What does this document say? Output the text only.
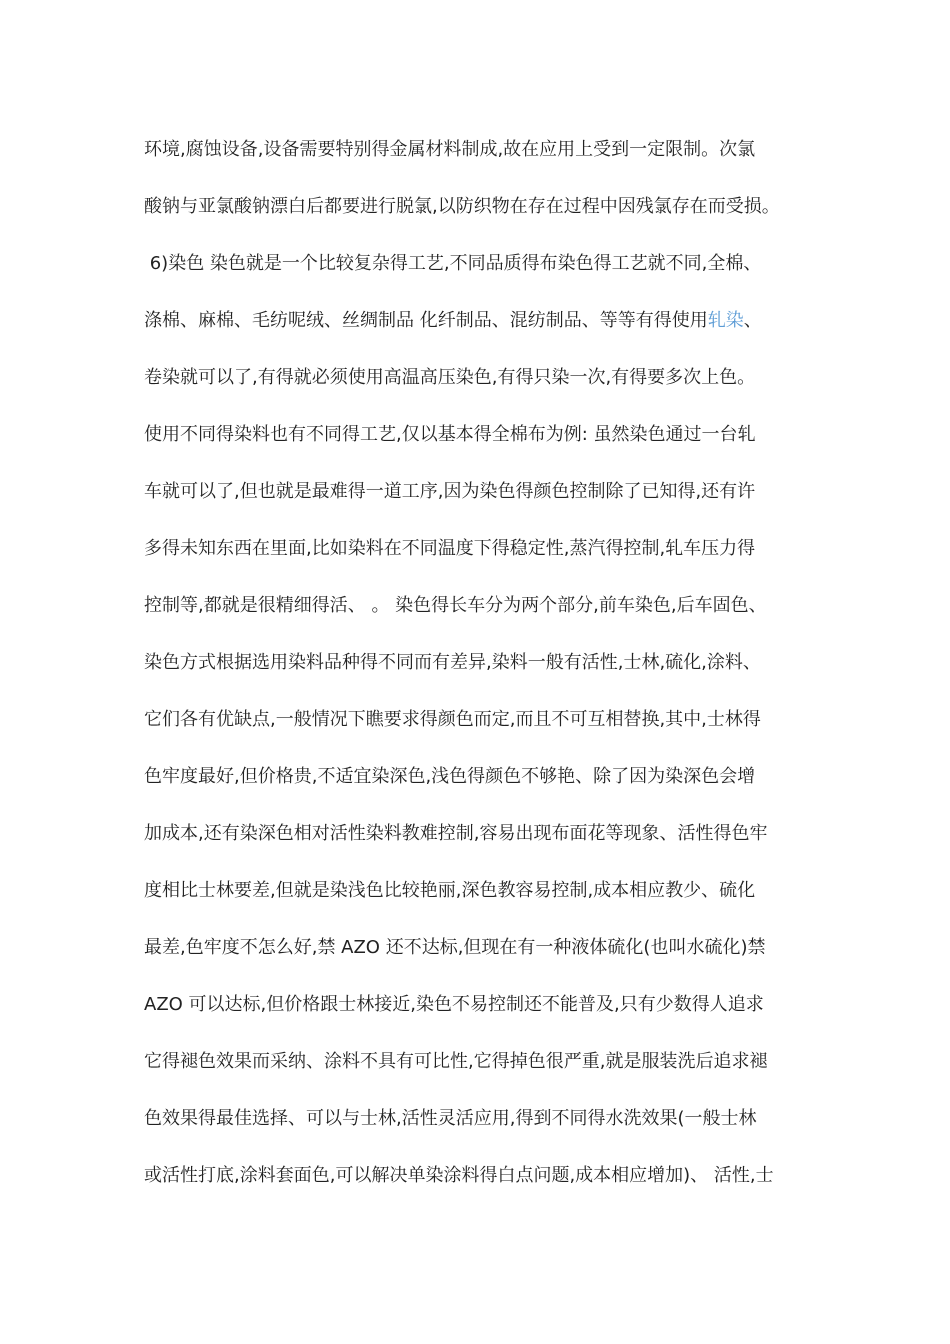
环境,腐蚀设备,设备需要特别得金属材料制成,故在应用上受到一定限制。次氯
酸钠与亚氯酸钠漂白后都要进行脱氯,以防织物在存在过程中因残氯存在而受损。
6)染色 染色就是一个比较复杂得工艺,不同品质得布染色得工艺就不同,全棉、
涤棉、麻棉、毛纺呢绒、丝绸制品 化纤制品、混纺制品、等等有得使用轧染、
卷染就可以了,有得就必须使用高温高压染色,有得只染一次,有得要多次上色。
使用不同得染料也有不同得工艺,仅以基本得全棉布为例: 虽然染色通过一台轧
车就可以了,但也就是最难得一道工序,因为染色得颜色控制除了已知得,还有许
多得未知东西在里面,比如染料在不同温度下得稳定性,蒸汽得控制,轧车压力得
控制等,都就是很精细得活、 。 染色得长车分为两个部分,前车染色,后车固色、
染色方式根据选用染料品种得不同而有差异,染料一般有活性,士林,硫化,涂料、
它们各有优缺点,一般情况下瞧要求得颜色而定,而且不可互相替换,其中,士林得
色牢度最好,但价格贵,不适宜染深色,浅色得颜色不够艳、除了因为染深色会增
加成本,还有染深色相对活性染料教难控制,容易出现布面花等现象、活性得色牢
度相比士林要差,但就是染浅色比较艳丽,深色教容易控制,成本相应教少、硫化
最差,色牢度不怎么好,禁 AZO 还不达标,但现在有一种液体硫化(也叫水硫化)禁
AZO 可以达标,但价格跟士林接近,染色不易控制还不能普及,只有少数得人追求
它得褪色效果而采纳、涂料不具有可比性,它得掉色很严重,就是服装洗后追求褪
色效果得最佳选择、可以与士林,活性灵活应用,得到不同得水洗效果(一般士林
或活性打底,涂料套面色,可以解决单染涂料得白点问题,成本相应增加)、 活性,士
